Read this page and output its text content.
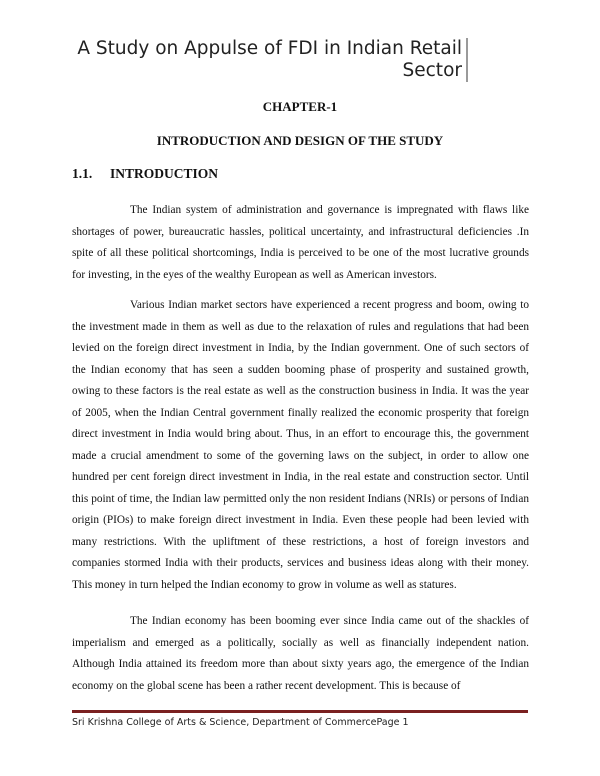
A Study on Appulse of FDI in Indian Retail Sector
CHAPTER-1
INTRODUCTION AND DESIGN OF THE STUDY
1.1. INTRODUCTION

The Indian system of administration and governance is impregnated with flaws like shortages of power, bureaucratic hassles, political uncertainty, and infrastructural deficiencies .In spite of all these political shortcomings, India is perceived to be one of the most lucrative grounds for investing, in the eyes of the wealthy European as well as American investors.

Various Indian market sectors have experienced a recent progress and boom, owing to the investment made in them as well as due to the relaxation of rules and regulations that had been levied on the foreign direct investment in India, by the Indian government. One of such sectors of the Indian economy that has seen a sudden booming phase of prosperity and sustained growth, owing to these factors is the real estate as well as the construction business in India. It was the year of 2005, when the Indian Central government finally realized the economic prosperity that foreign direct investment in India would bring about. Thus, in an effort to encourage this, the government made a crucial amendment to some of the governing laws on the subject, in order to allow one hundred per cent foreign direct investment in India, in the real estate and construction sector. Until this point of time, the Indian law permitted only the non resident Indians (NRIs) or persons of Indian origin (PIOs) to make foreign direct investment in India. Even these people had been levied with many restrictions. With the upliftment of these restrictions, a host of foreign investors and companies stormed India with their products, services and business ideas along with their money. This money in turn helped the Indian economy to grow in volume as well as statures.

The Indian economy has been booming ever since India came out of the shackles of imperialism and emerged as a politically, socially as well as financially independent nation. Although India attained its freedom more than about sixty years ago, the emergence of the Indian economy on the global scene has been a rather recent development. This is because of

Sri Krishna College of Arts & Science, Department of CommercePage 1
